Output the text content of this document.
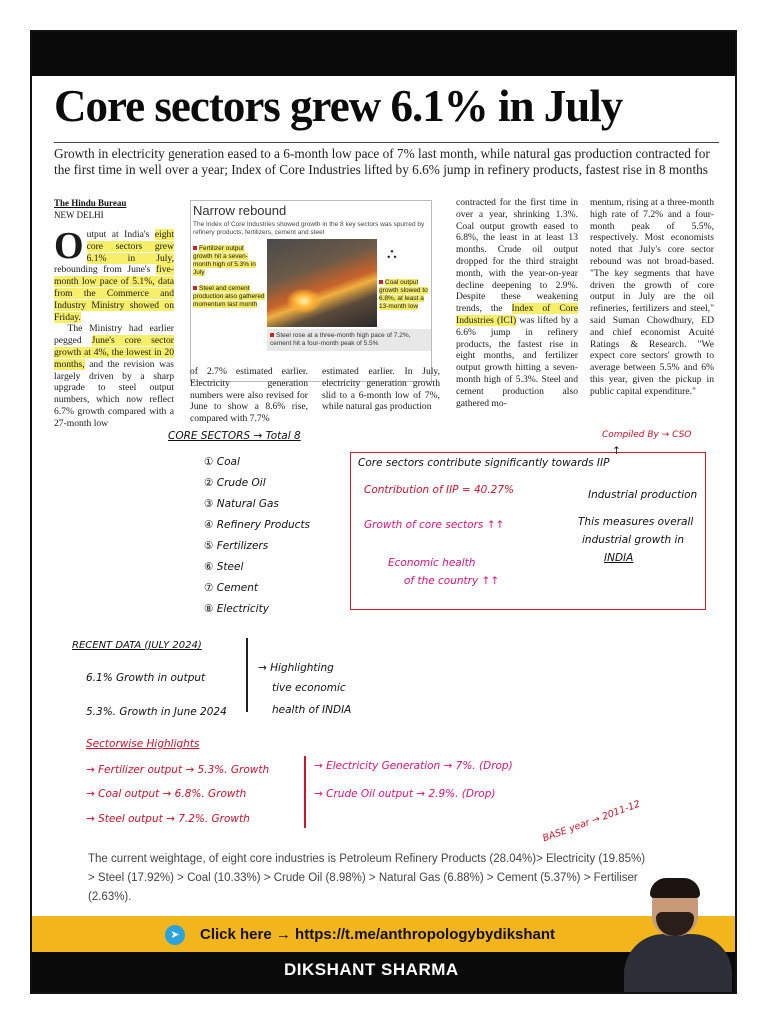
Core sectors grew 6.1% in July
Growth in electricity generation eased to a 6-month low pace of 7% last month, while natural gas production contracted for the first time in well over a year; Index of Core Industries lifted by 6.6% jump in refinery products, fastest rise in 8 months
The Hindu Bureau
NEW DELHI
Output at India's eight core sectors grew 6.1% in July, rebounding from June's five-month low pace of 5.1%, data from the Commerce and Industry Ministry showed on Friday.
The Ministry had earlier pegged June's core sector growth at 4%, the lowest in 20 months, and the revision was largely driven by a sharp upgrade to steel output numbers, which now reflect 6.7% growth compared with a 27-month low
Narrow rebound
The Index of Core Industries showed growth in the 8 key sectors was spurred by refinery products, fertilizers, cement and steel
Fertilizer output growth hit a seven-month high of 5.3% in July
Steel and cement production also gathered momentum last month
Coal output growth slowed to 6.8%, at least a 13-month low
⛬
Steel rose at a three-month high pace of 7.2%, cement hit a four-month peak of 5.5%
of 2.7% estimated earlier. Electricity generation numbers were also revised for June to show a 8.6% rise, compared with 7.7%
estimated earlier. In July, electricity generation growth slid to a 6-month low of 7%, while natural gas production
contracted for the first time in over a year, shrinking 1.3%. Coal output growth eased to 6.8%, the least in at least 13 months. Crude oil output dropped for the third straight month, with the year-on-year decline deepening to 2.9%. Despite these weakening trends, the Index of Core Industries (ICI) was lifted by a 6.6% jump in refinery products, the fastest rise in eight months, and fertilizer output growth hitting a seven-month high of 5.3%. Steel and cement production also gathered mo-
mentum, rising at a three-month high rate of 7.2% and a four-month peak of 5.5%, respectively. Most economists noted that July's core sector rebound was not broad-based. "The key segments that have driven the growth of core output in July are the oil refineries, fertilizers and steel," said Suman Chowdhury, ED and chief economist Acuité Ratings & Research. "We expect core sectors' growth to average between 5.5% and 6% this year, given the pickup in public capital expenditure."
CORE SECTORS → Total 8
① Coal
② Crude Oil
③ Natural Gas
④ Refinery Products
⑤ Fertilizers
⑥ Steel
⑦ Cement
⑧ Electricity
Compiled By → CSO
Core sectors contribute significantly towards IIP
↑
Contribution of IIP = 40.27%
Growth of core sectors ↑↑
Economic health
of the country ↑↑
Industrial production
This measures overall
industrial growth in
INDIA
RECENT DATA (JULY 2024)
6.1% Growth in output
5.3%. Growth in June 2024
→ Highlighting
tive economic
health of INDIA
Sectorwise Highlights
→ Fertilizer output → 5.3%. Growth
→ Coal output → 6.8%. Growth
→ Steel output → 7.2%. Growth
→ Electricity Generation → 7%. (Drop)
→ Crude Oil output → 2.9%. (Drop)
BASE year → 2011-12
The current weightage, of eight core industries is Petroleum Refinery Products (28.04%)> Electricity (19.85%) > Steel (17.92%) > Coal (10.33%) > Crude Oil (8.98%) > Natural Gas (6.88%) > Cement (5.37%) > Fertiliser (2.63%).
➤	Click here → https://t.me/anthropologybydikshant
DIKSHANT SHARMA
